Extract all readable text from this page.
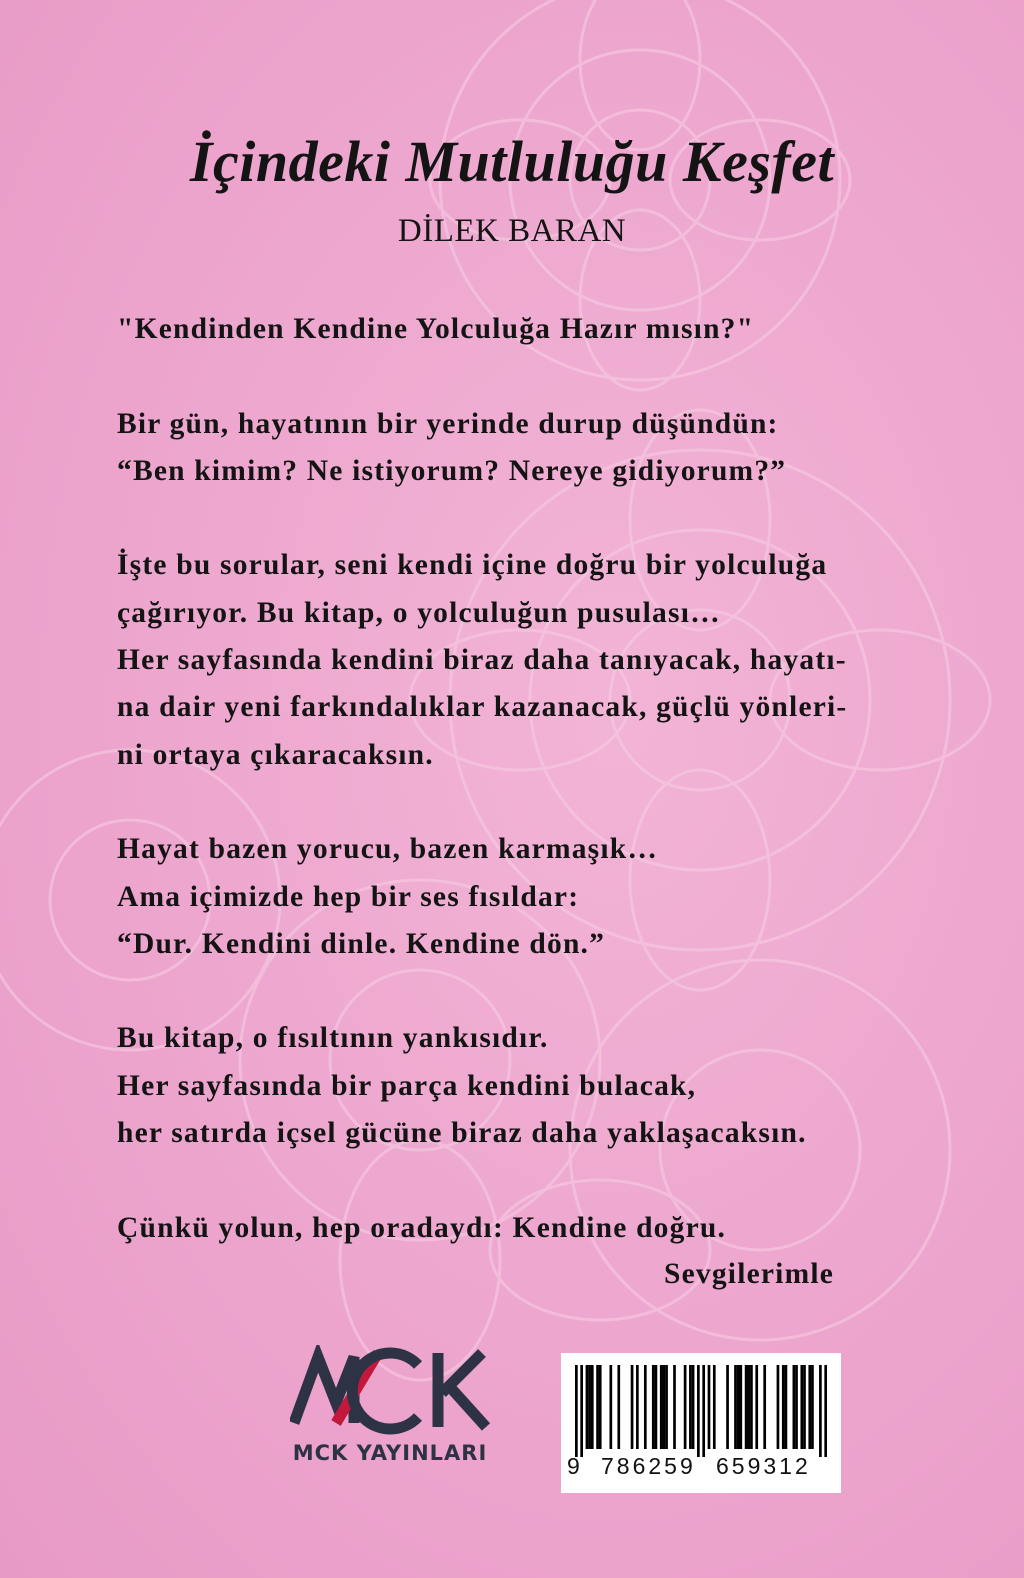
İçindeki Mutluluğu Keşfet
DİLEK BARAN
"Kendinden Kendine Yolculuğa Hazır mısın?"
Bir gün, hayatının bir yerinde durup düşündün:
“Ben kimim? Ne istiyorum? Nereye gidiyorum?”
İşte bu sorular, seni kendi içine doğru bir yolculuğa
çağırıyor. Bu kitap, o yolculuğun pusulası…
Her sayfasında kendini biraz daha tanıyacak, hayatı-
na dair yeni farkındalıklar kazanacak, güçlü yönleri-
ni ortaya çıkaracaksın.
Hayat bazen yorucu, bazen karmaşık…
Ama içimizde hep bir ses fısıldar:
“Dur. Kendini dinle. Kendine dön.”
Bu kitap, o fısıltının yankısıdır.
Her sayfasında bir parça kendini bulacak,
her satırda içsel gücüne biraz daha yaklaşacaksın.
Çünkü yolun, hep oradaydı: Kendine doğru.
Sevgilerimle
MCK YAYINLARI	9 786259 659312
